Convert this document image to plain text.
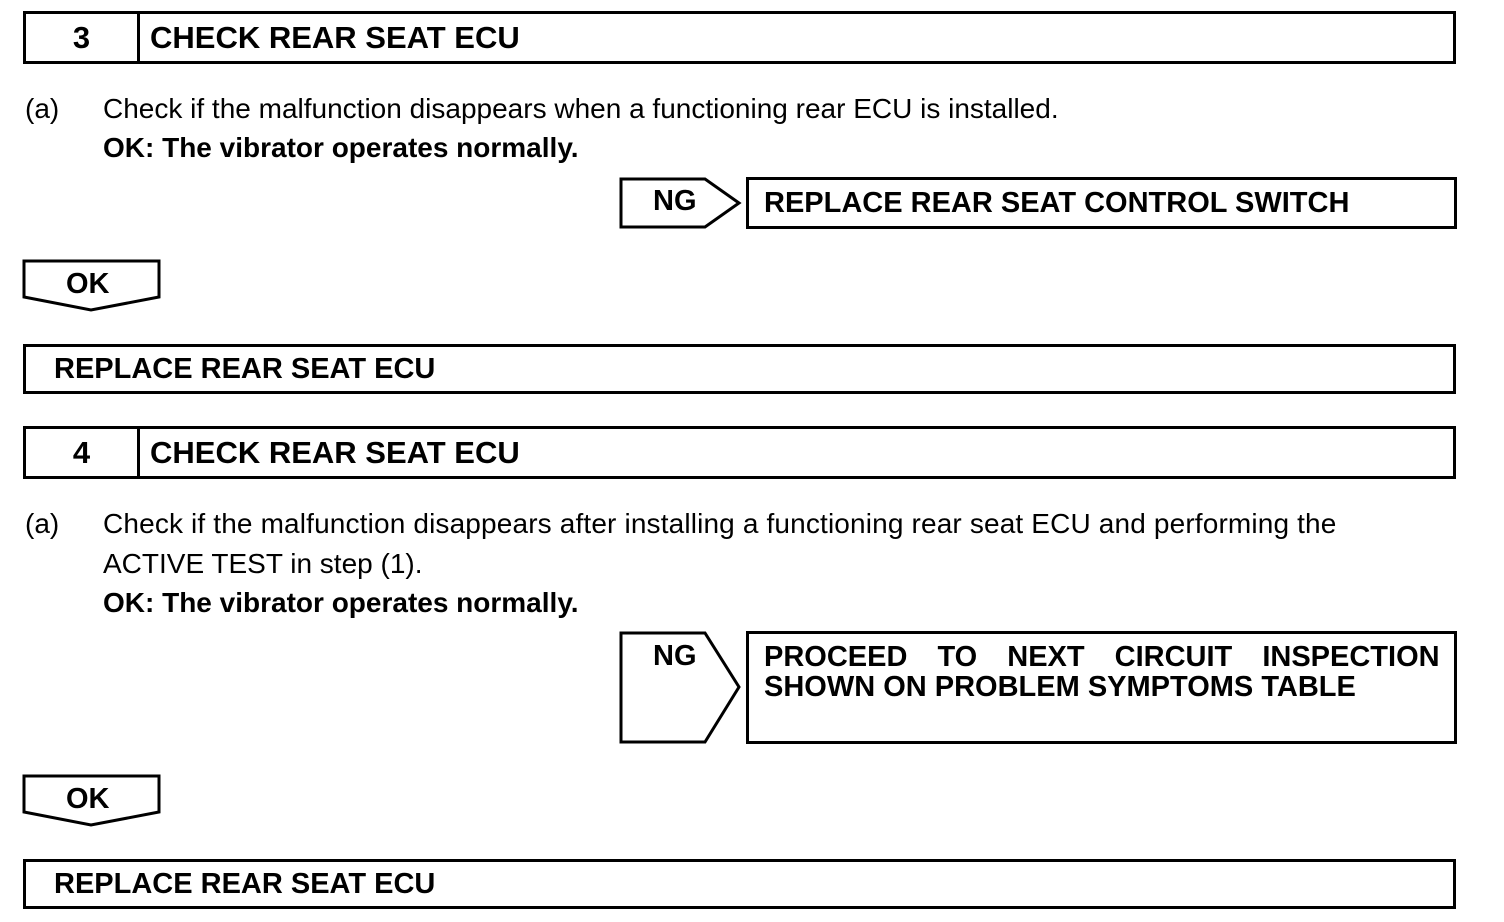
3	CHECK REAR SEAT ECU
(a) Check if the malfunction disappears when a functioning rear ECU is installed.
OK: The vibrator operates normally.
NG REPLACE REAR SEAT CONTROL SWITCH
OK
REPLACE REAR SEAT ECU
4	CHECK REAR SEAT ECU
(a) Check if the malfunction disappears after installing a functioning rear seat ECU and performing the
ACTIVE TEST in step (1).
OK: The vibrator operates normally.
NG PROCEED TO NEXT CIRCUIT INSPECTION
SHOWN ON PROBLEM SYMPTOMS TABLE
OK
REPLACE REAR SEAT ECU
